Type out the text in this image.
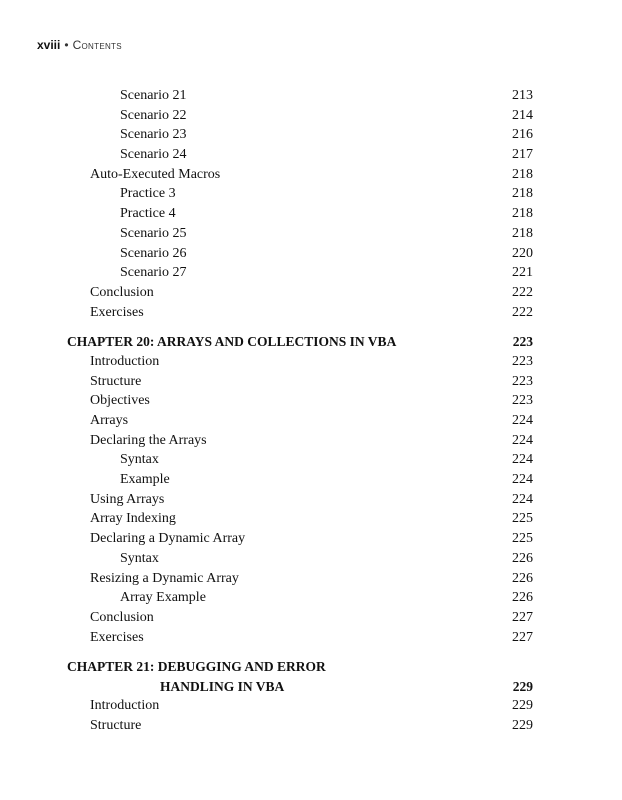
xviii • Contents
Scenario 21	213
Scenario 22	214
Scenario 23	216
Scenario 24	217
Auto-Executed Macros	218
Practice 3	218
Practice 4	218
Scenario 25	218
Scenario 26	220
Scenario 27	221
Conclusion	222
Exercises	222
CHAPTER 20: ARRAYS AND COLLECTIONS IN VBA	223
Introduction	223
Structure	223
Objectives	223
Arrays	224
Declaring the Arrays	224
Syntax	224
Example	224
Using Arrays	224
Array Indexing	225
Declaring a Dynamic Array	225
Syntax	226
Resizing a Dynamic Array	226
Array Example	226
Conclusion	227
Exercises	227
CHAPTER 21: DEBUGGING AND ERROR
HANDLING IN VBA	229
Introduction	229
Structure	229
